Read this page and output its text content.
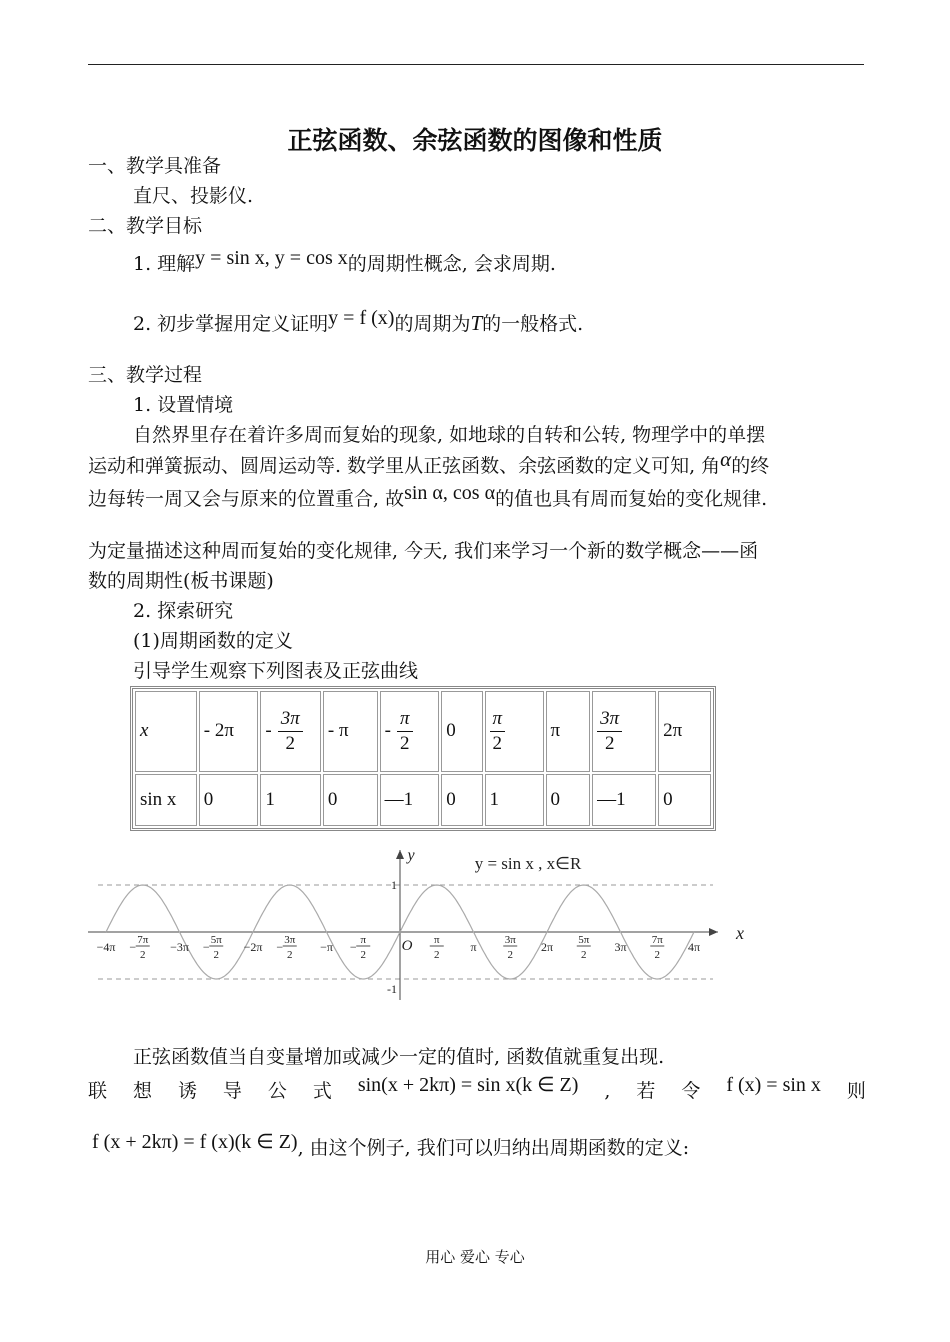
正弦函数、余弦函数的图像和性质
一、教学具准备
直尺、投影仪.
二、教学目标
1. 理解y = sin x, y = cos x的周期性概念, 会求周期.
2. 初步掌握用定义证明y = f (x)的周期为T的一般格式.
三、教学过程
1. 设置情境
自然界里存在着许多周而复始的现象, 如地球的自转和公转, 物理学中的单摆
运动和弹簧振动、圆周运动等. 数学里从正弦函数、余弦函数的定义可知, 角α的终
边每转一周又会与原来的位置重合, 故sin α, cos α的值也具有周而复始的变化规律.
为定量描述这种周而复始的变化规律, 今天, 我们来学习一个新的数学概念——函
数的周期性(板书课题)
2. 探索研究
(1)周期函数的定义
引导学生观察下列图表及正弦曲线
x	- 2π	- $\frac{3\pi}{2}$	- π	- $\frac{\pi}{2}$	0	$\frac{\pi}{2}$	π	$\frac{3\pi}{2}$	2π
sin x	0	1	0	—1	0	1	0	—1	0
y
x
y = sin x , x∈R
1
-1
O
−4π − 7π
2
−3π − 5π
2
−2π − 3π
2
−π − π
2
π
2
π	3π
2
2π 5π
2
3π 7π
2
4π
正弦函数值当自变量增加或减少一定的值时, 函数值就重复出现.
联 想 诱 导 公 式 sin(x + 2kπ) = sin x(k ∈ Z) , 若 令 f (x) = sin x 则
f (x + 2kπ) = f (x)(k ∈ Z), 由这个例子, 我们可以归纳出周期函数的定义:
用心 爱心 专心
